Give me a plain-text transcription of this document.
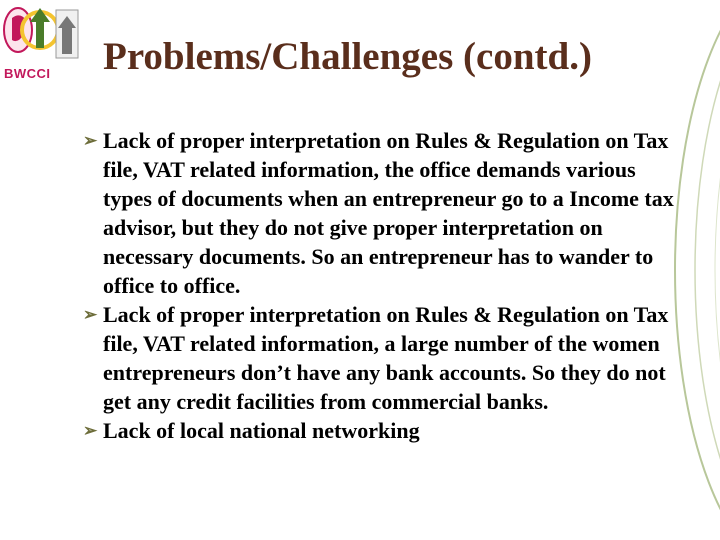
BWCCI Problems/Challenges (contd.)

➢ Lack of proper interpretation on Rules & Regulation on Tax file, VAT related information, the office demands various types of documents when an entrepreneur go to a Income tax advisor, but they do not give proper interpretation on necessary documents. So an entrepreneur has to wander to office to office.

➢ Lack of proper interpretation on Rules & Regulation on Tax file, VAT related information, a large number of the women entrepreneurs don’t have any bank accounts. So they do not get any credit facilities from commercial banks.

➢ Lack of local national networking
